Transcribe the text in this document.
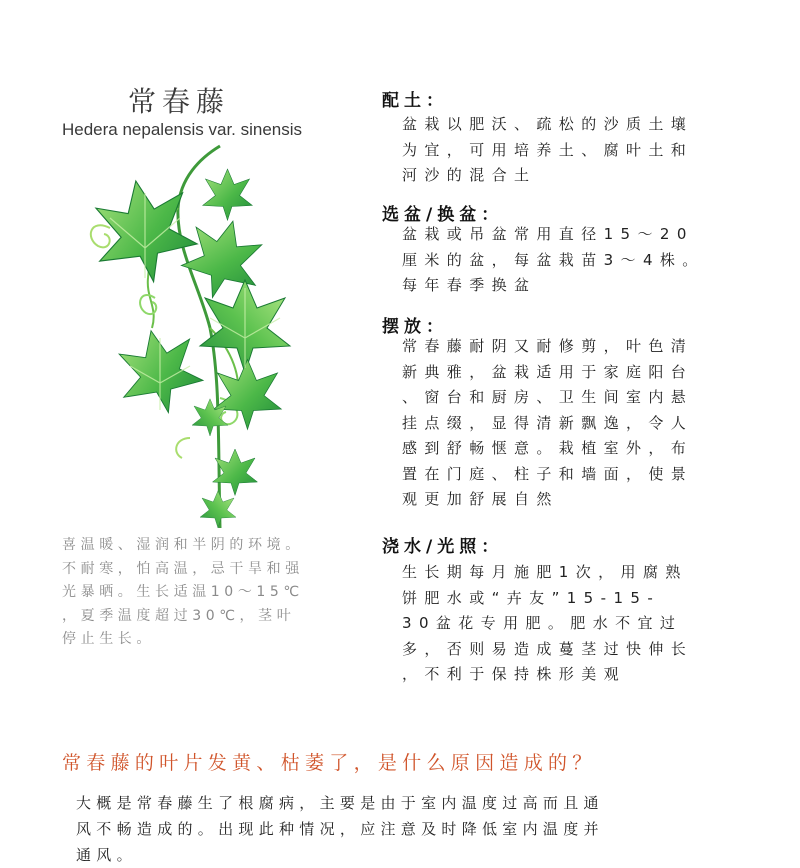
常春藤
Hedera nepalensis var. sinensis
喜温暖、湿润和半阴的环境。
不耐寒，怕高温，忌干旱和强
光暴晒。生长适温10～15℃
，夏季温度超过30℃，茎叶
停止生长。
配土：
盆栽以肥沃、疏松的沙质土壤
为宜，可用培养土、腐叶土和
河沙的混合土
选盆/换盆：
盆栽或吊盆常用直径15～20
厘米的盆，每盆栽苗3～4株。
每年春季换盆
摆放：
常春藤耐阴又耐修剪，叶色清
新典雅，盆栽适用于家庭阳台
、窗台和厨房、卫生间室内悬
挂点缀，显得清新飘逸，令人
感到舒畅惬意。栽植室外，布
置在门庭、柱子和墙面，使景
观更加舒展自然
浇水/光照：
生长期每月施肥1次，用腐熟
饼肥水或“卉友”15-15-
30盆花专用肥。肥水不宜过
多，否则易造成蔓茎过快伸长
，不利于保持株形美观
常春藤的叶片发黄、枯萎了，是什么原因造成的？
大概是常春藤生了根腐病，主要是由于室内温度过高而且通
风不畅造成的。出现此种情况，应注意及时降低室内温度并
通风。
